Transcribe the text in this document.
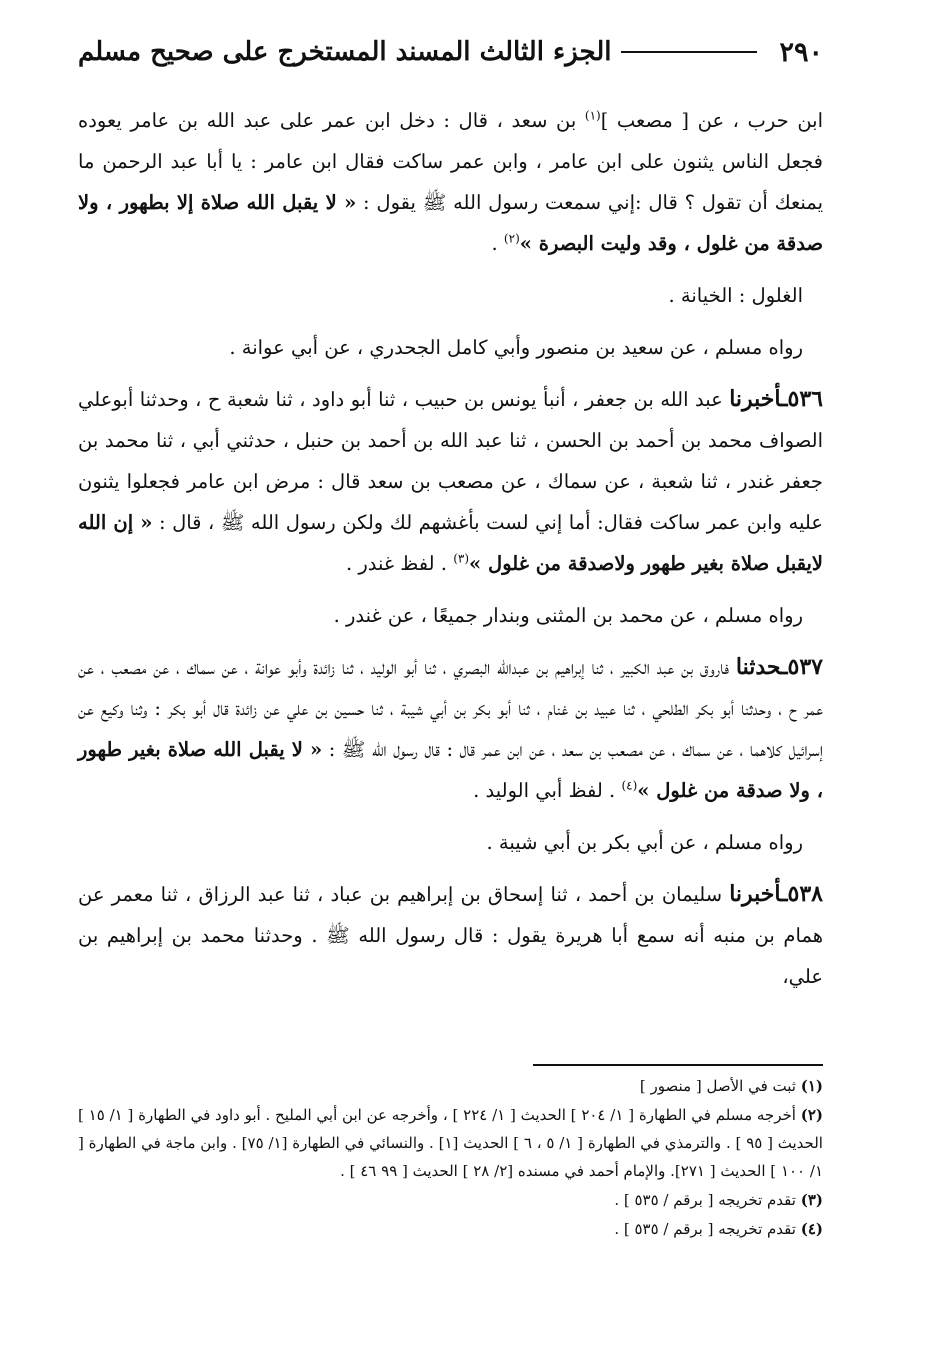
٢٩٠
الجزء الثالث المسند المستخرج على صحيح مسلم

ابن حرب ، عن [ مصعب ]$^{(١)}$ بن سعد ، قال : دخل ابن عمر على عبد الله بن عامر يعوده فجعل الناس يثنون على ابن عامر ، وابن عمر ساكت فقال ابن عامر : يا أبا عبد الرحمن ما يمنعك أن تقول ؟ قال :إني سمعت رسول الله ﷺ يقول : « لا يقبل الله صلاة إلا بطهور ، ولا صدقة من غلول ، وقد وليت البصرة »$^{(٢)}$ .

الغلول : الخيانة .

رواه مسلم ، عن سعيد بن منصور وأبي كامل الجحدري ، عن أبي عوانة .

٥٣٦ـأخبرنا عبد الله بن جعفر ، أنبأ يونس بن حبيب ، ثنا أبو داود ، ثنا شعبة ح ، وحدثنا أبوعلي الصواف محمد بن أحمد بن الحسن ، ثنا عبد الله بن أحمد بن حنبل ، حدثني أبي ، ثنا محمد بن جعفر غندر ، ثنا شعبة ، عن سماك ، عن مصعب بن سعد قال : مرض ابن عامر فجعلوا يثنون عليه وابن عمر ساكت فقال: أما إني لست بأغشهم لك ولكن رسول الله ﷺ ، قال : « إن الله لايقبل صلاة بغير طهور ولاصدقة من غلول »$^{(٣)}$ . لفظ غندر .

رواه مسلم ، عن محمد بن المثنى وبندار جميعًا ، عن غندر .

٥٣٧ـحدثنا فاروق بن عبد الكبير ، ثنا إبراهيم بن عبدالله البصري ، ثنا أبو الوليد ، ثنا زائدة وأبو عوانة ، عن سماك ، عن مصعب ، عن عمر ح ، وحدثنا أبو بكر الطلحي ، ثنا عبيد بن غنام ، ثنا أبو بكر بن أبي شيبة ، ثنا حسين بن علي عن زائدة قال أبو بكر : وثنا وكيع عن إسرائيل كلاهما ، عن سماك ، عن مصعب بن سعد ، عن ابن عمر قال : قال رسول الله ﷺ : « لا يقبل الله صلاة بغير طهور ، ولا صدقة من غلول »$^{(٤)}$ . لفظ أبي الوليد .

رواه مسلم ، عن أبي بكر بن أبي شيبة .

٥٣٨ـأخبرنا سليمان بن أحمد ، ثنا إسحاق بن إبراهيم بن عباد ، ثنا عبد الرزاق ، ثنا معمر عن همام بن منبه أنه سمع أبا هريرة يقول : قال رسول الله ﷺ . وحدثنا محمد بن إبراهيم بن علي،

(١) ثبت في الأصل [ منصور ]

(٢) أخرجه مسلم في الطهارة [ ١/ ٢٠٤ ] الحديث [ ١/ ٢٢٤ ] ، وأخرجه عن ابن أبي المليح . أبو داود في الطهارة [ ١/ ١٥ ] الحديث [ ٩٥ ] . والترمذي في الطهارة [ ١/ ٥ ، ٦ ] الحديث [١] . والنسائي في الطهارة [١/ ٧٥] . وابن ماجة في الطهارة [ ١/ ١٠٠ ] الحديث [ ٢٧١]. والإمام أحمد في مسنده [٢/ ٢٨ ] الحديث [ ٩٩ ٤٦ ] .

(٣) تقدم تخريجه [ برقم / ٥٣٥ ] .

(٤) تقدم تخريجه [ برقم / ٥٣٥ ] .
